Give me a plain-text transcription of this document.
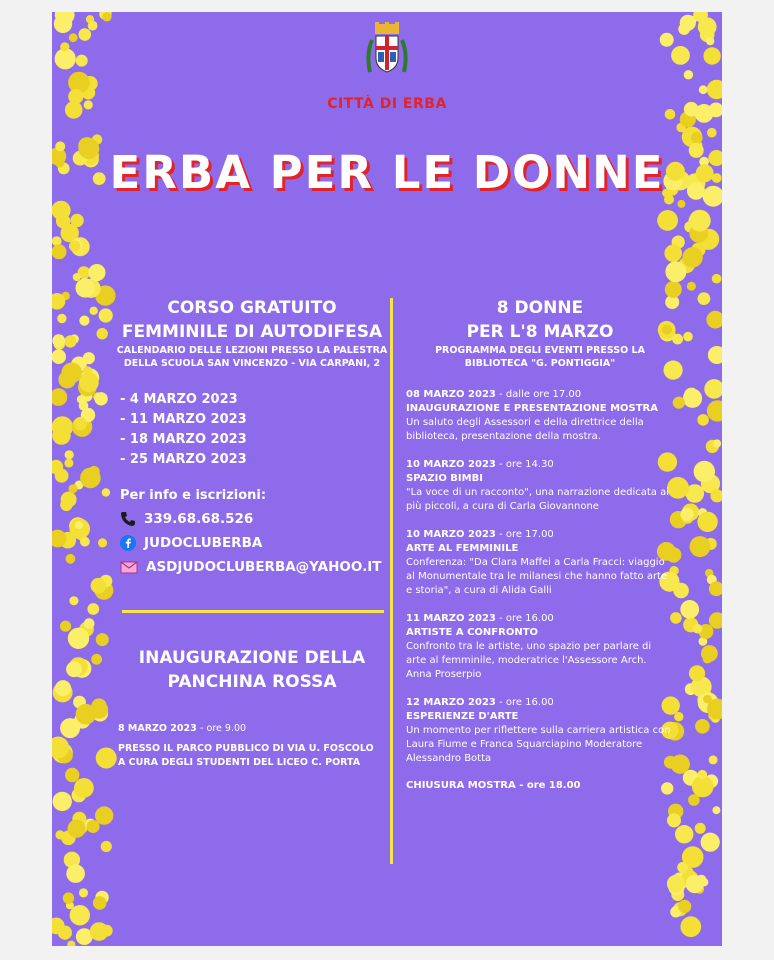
CITTÀ DI ERBA
ERBA PER LE DONNE
CORSO GRATUITO
FEMMINILE DI AUTODIFESA
CALENDARIO DELLE LEZIONI PRESSO LA PALESTRA
DELLA SCUOLA SAN VINCENZO - VIA CARPANI, 2
- 4 MARZO 2023
- 11 MARZO 2023
- 18 MARZO 2023
- 25 MARZO 2023
Per info e iscrizioni:
339.68.68.526
JUDOCLUBERBA
ASDJUDOCLUBERBA@YAHOO.IT
INAUGURAZIONE DELLA
PANCHINA ROSSA
8 MARZO 2023 - ore 9.00
PRESSO IL PARCO PUBBLICO DI VIA U. FOSCOLO
A CURA DEGLI STUDENTI DEL LICEO C. PORTA
8 DONNE
PER L'8 MARZO
PROGRAMMA DEGLI EVENTI PRESSO LA
BIBLIOTECA "G. PONTIGGIA"
08 MARZO 2023 - dalle ore 17.00
INAUGURAZIONE E PRESENTAZIONE MOSTRA
Un saluto degli Assessori e della direttrice della biblioteca, presentazione della mostra.
10 MARZO 2023 - ore 14.30
SPAZIO BIMBI
"La voce di un racconto", una narrazione dedicata ai più piccoli, a cura di Carla Giovannone
10 MARZO 2023 - ore 17.00
ARTE AL FEMMINILE
Conferenza: "Da Clara Maffei a Carla Fracci: viaggio al Monumentale tra le milanesi che hanno fatto arte e storia", a cura di Alida Galli
11 MARZO 2023 - ore 16.00
ARTISTE A CONFRONTO
Confronto tra le artiste, uno spazio per parlare di arte al femminile, moderatrice l'Assessore Arch. Anna Proserpio
12 MARZO 2023 - ore 16.00
ESPERIENZE D'ARTE
Un momento per riflettere sulla carriera artistica con Laura Fiume e Franca Squarciapino Moderatore Alessandro Botta
CHIUSURA MOSTRA - ore 18.00
